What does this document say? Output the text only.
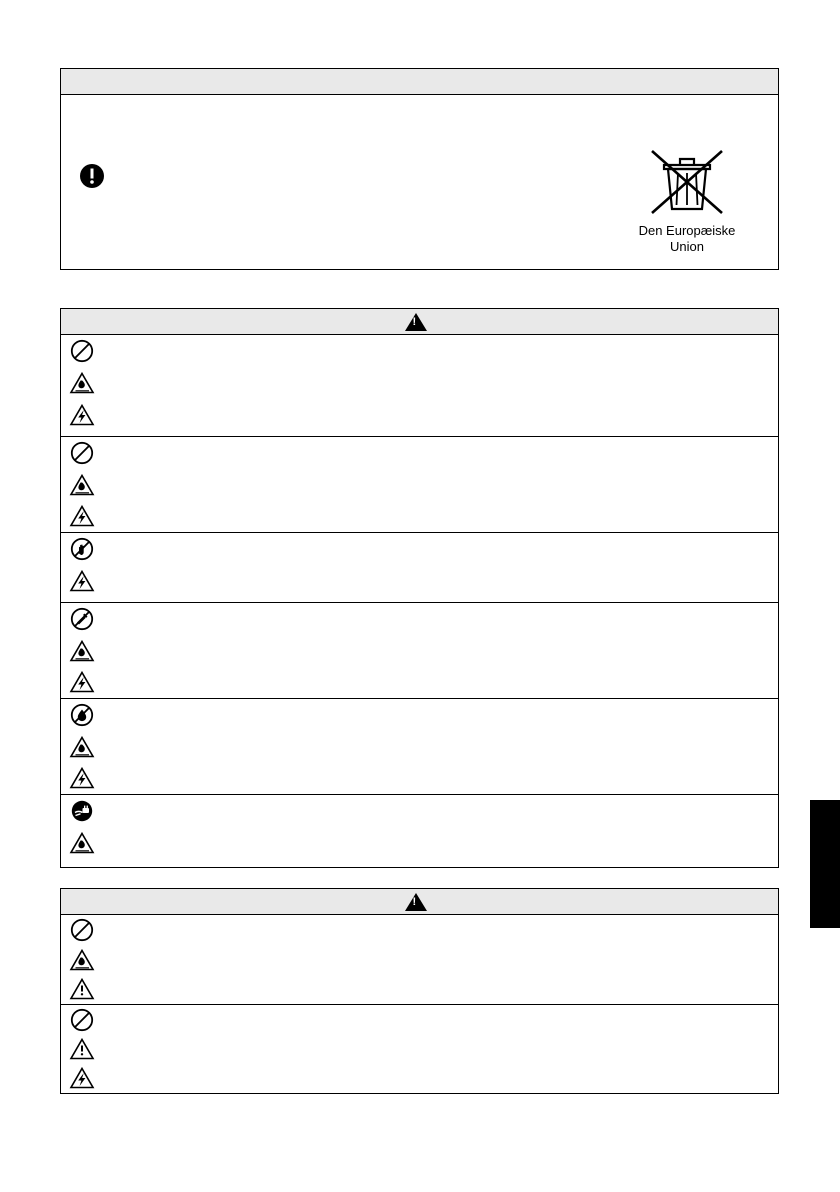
Den Europæiske
Union
!
!
